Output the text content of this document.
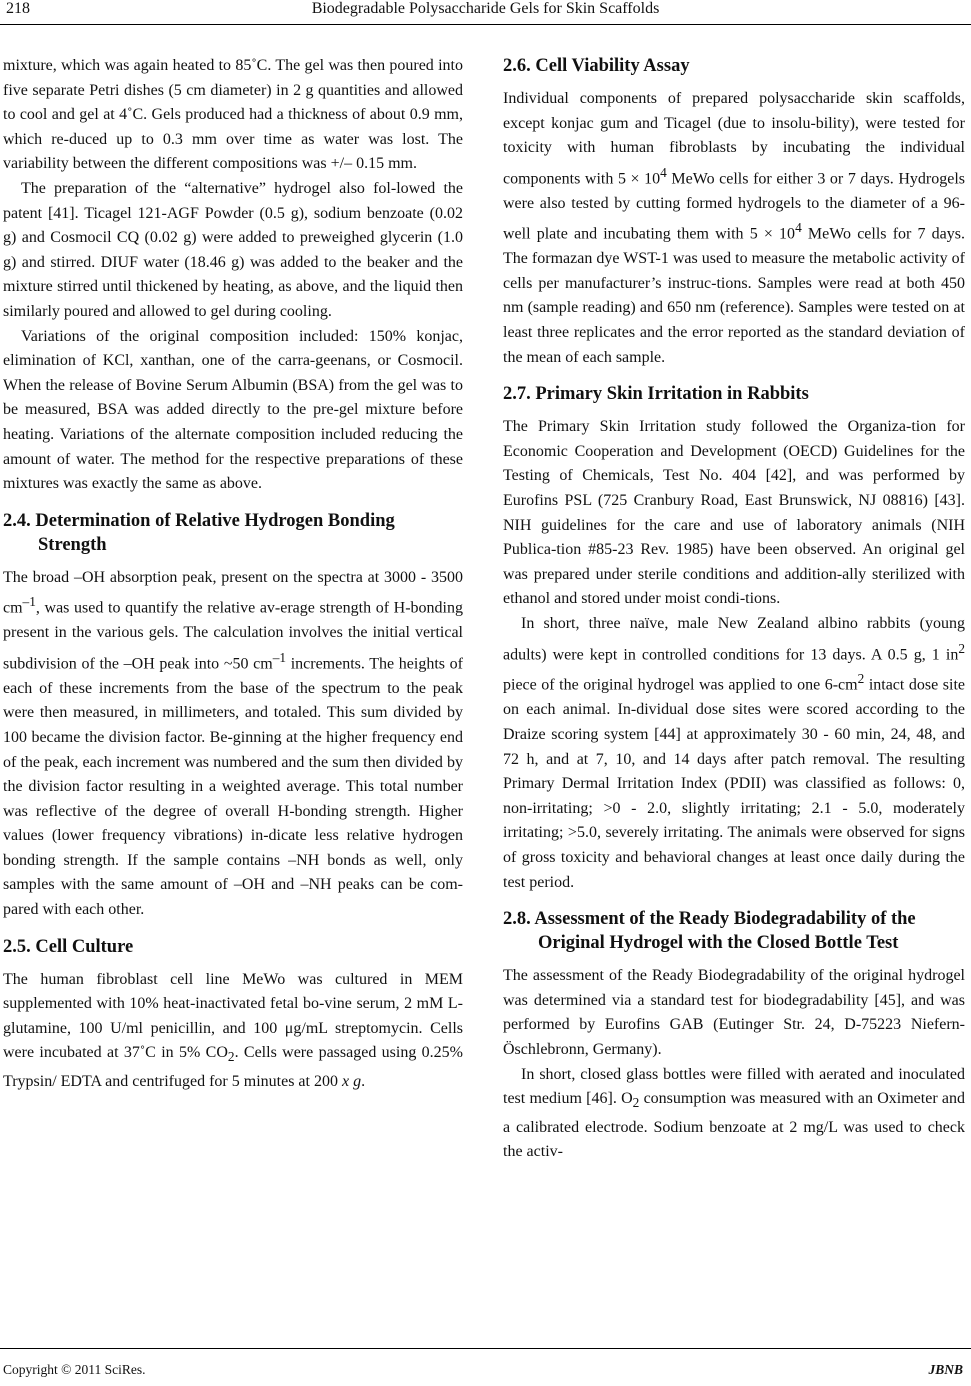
218	Biodegradable Polysaccharide Gels for Skin Scaffolds

mixture, which was again heated to 85˚C. The gel was then poured into five separate Petri dishes (5 cm diameter) in 2 g quantities and allowed to cool and gel at 4˚C. Gels produced had a thickness of about 0.9 mm, which re-duced up to 0.3 mm over time as water was lost. The variability between the different compositions was +/– 0.15 mm.

The preparation of the “alternative” hydrogel also fol-lowed the patent [41]. Ticagel 121-AGF Powder (0.5 g), sodium benzoate (0.02 g) and Cosmocil CQ (0.02 g) were added to preweighed glycerin (1.0 g) and stirred. DIUF water (18.46 g) was added to the beaker and the mixture stirred until thickened by heating, as above, and the liquid then similarly poured and allowed to gel during cooling.

Variations of the original composition included: 150% konjac, elimination of KCl, xanthan, one of the carra-geenans, or Cosmocil. When the release of Bovine Serum Albumin (BSA) from the gel was to be measured, BSA was added directly to the pre-gel mixture before heating. Variations of the alternate composition included reducing the amount of water. The method for the respective preparations of these mixtures was exactly the same as above.

2.4. Determination of Relative Hydrogen Bonding Strength

The broad –OH absorption peak, present on the spectra at 3000 - 3500 $cm^{-1}$, was used to quantify the relative av-erage strength of H-bonding present in the various gels. The calculation involves the initial vertical subdivision of the –OH peak into ~50 $cm^{-1}$ increments. The heights of each of these increments from the base of the spectrum to the peak were then measured, in millimeters, and totaled. This sum divided by 100 became the division factor. Be-ginning at the higher frequency end of the peak, each increment was numbered and the sum then divided by the division factor resulting in a weighted average. This total number was reflective of the degree of overall H-bonding strength. Higher values (lower frequency vibrations) in-dicate less relative hydrogen bonding strength. If the sample contains –NH bonds as well, only samples with the same amount of –OH and –NH peaks can be com-pared with each other.

2.5. Cell Culture

The human fibroblast cell line MeWo was cultured in MEM supplemented with 10% heat-inactivated fetal bo-vine serum, 2 mM L-glutamine, 100 U/ml penicillin, and 100 μg/mL streptomycin. Cells were incubated at 37˚C in 5% $CO_2$. Cells were passaged using 0.25% Trypsin/ EDTA and centrifuged for 5 minutes at 200 x g.

2.6. Cell Viability Assay

Individual components of prepared polysaccharide skin scaffolds, except konjac gum and Ticagel (due to insolu-bility), were tested for toxicity with human fibroblasts by incubating the individual components with $5 \times 10^4$ MeWo cells for either 3 or 7 days. Hydrogels were also tested by cutting formed hydrogels to the diameter of a 96-well plate and incubating them with $5 \times 10^4$ MeWo cells for 7 days. The formazan dye WST-1 was used to measure the metabolic activity of cells per manufacturer’s instruc-tions. Samples were read at both 450 nm (sample reading) and 650 nm (reference). Samples were tested on at least three replicates and the error reported as the standard deviation of the mean of each sample.

2.7. Primary Skin Irritation in Rabbits

The Primary Skin Irritation study followed the Organiza-tion for Economic Cooperation and Development (OECD) Guidelines for the Testing of Chemicals, Test No. 404 [42], and was performed by Eurofins PSL (725 Cranbury Road, East Brunswick, NJ 08816) [43]. NIH guidelines for the care and use of laboratory animals (NIH Publica-tion #85-23 Rev. 1985) have been observed. An original gel was prepared under sterile conditions and addition-ally sterilized with ethanol and stored under moist condi-tions.

In short, three naïve, male New Zealand albino rabbits (young adults) were kept in controlled conditions for 13 days. A 0.5 g, 1 $in^2$ piece of the original hydrogel was applied to one $6-cm^2$ intact dose site on each animal. In-dividual dose sites were scored according to the Draize scoring system [44] at approximately 30 - 60 min, 24, 48, and 72 h, and at 7, 10, and 14 days after patch removal. The resulting Primary Dermal Irritation Index (PDII) was classified as follows: 0, non-irritating; >0 - 2.0, slightly irritating; 2.1 - 5.0, moderately irritating; >5.0, severely irritating. The animals were observed for signs of gross toxicity and behavioral changes at least once daily during the test period.

2.8. Assessment of the Ready Biodegradability of the Original Hydrogel with the Closed Bottle Test

The assessment of the Ready Biodegradability of the original hydrogel was determined via a standard test for biodegradability [45], and was performed by Eurofins GAB (Eutinger Str. 24, D-75223 Niefern-Öschlebronn, Germany).

In short, closed glass bottles were filled with aerated and inoculated test medium [46]. $O_2$ consumption was measured with an Oximeter and a calibrated electrode. Sodium benzoate at 2 mg/L was used to check the activ-

Copyright © 2011 SciRes.	JBNB
